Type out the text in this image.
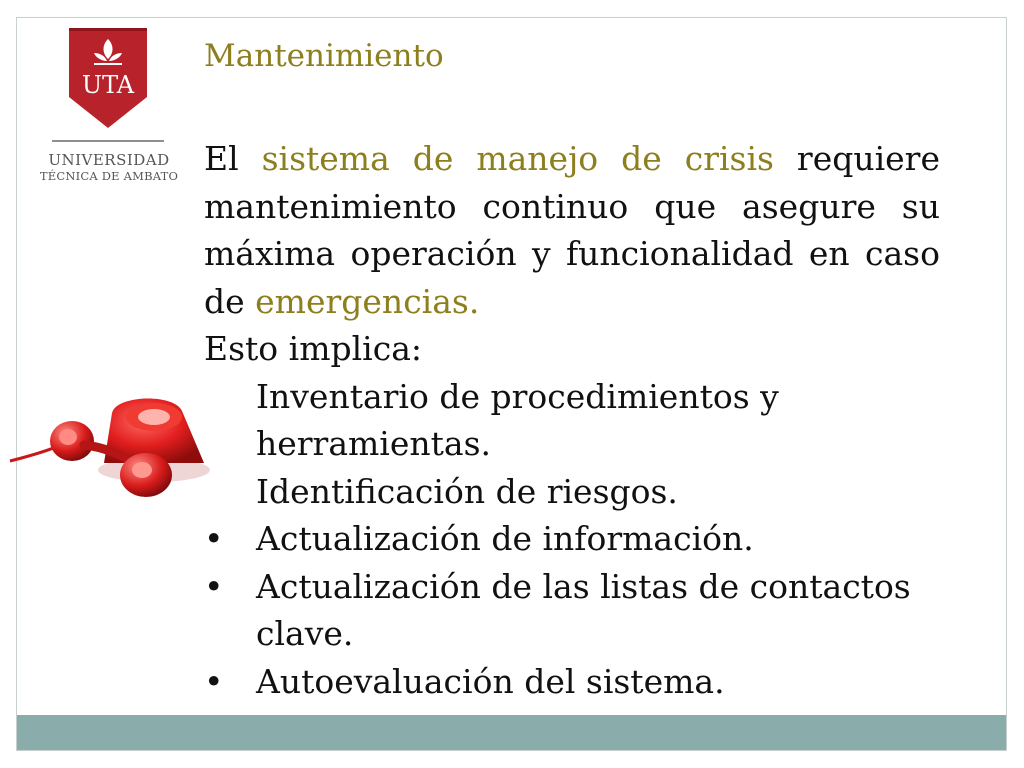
UTA
UNIVERSIDAD
TÉCNICA DE AMBATO
Mantenimiento

El sistema de manejo de crisis requiere mantenimiento continuo que asegure su máxima operación y funcionalidad en caso de emergencias.

Esto implica:

Inventario de procedimientos y herramientas.
Identificación de riesgos.
• Actualización de información.
• Actualización de las listas de contactos clave.
• Autoevaluación del sistema.
